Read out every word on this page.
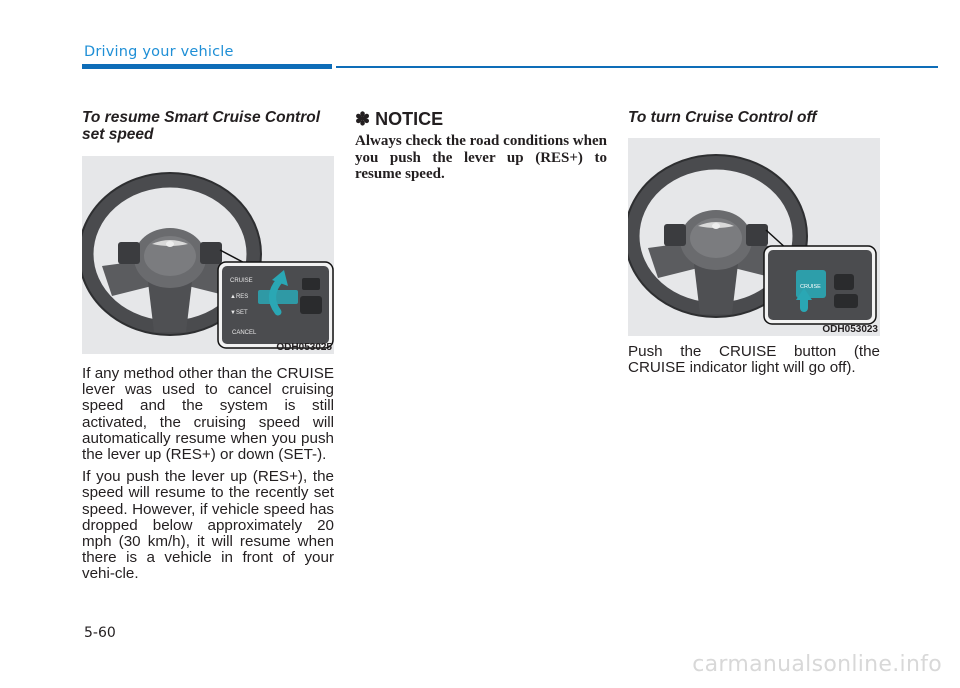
Driving your vehicle
To resume Smart Cruise Control set speed
CRUISE
▲RES
▼SET
CANCEL
ODH053025

If any method other than the CRUISE lever was used to cancel cruising speed and the system is still activated, the cruising speed will automatically resume when you push the lever up (RES+) or down (SET-).

If you push the lever up (RES+), the speed will resume to the recently set speed. However, if vehicle speed has dropped below approximately 20 mph (30 km/h), it will resume when there is a vehicle in front of your vehi-cle.

✽ NOTICE

Always check the road conditions when you push the lever up (RES+) to resume speed.

To turn Cruise Control off
CRUISE
ODH053023

Push the CRUISE button (the CRUISE indicator light will go off).

5-60
carmanualsonline.info
